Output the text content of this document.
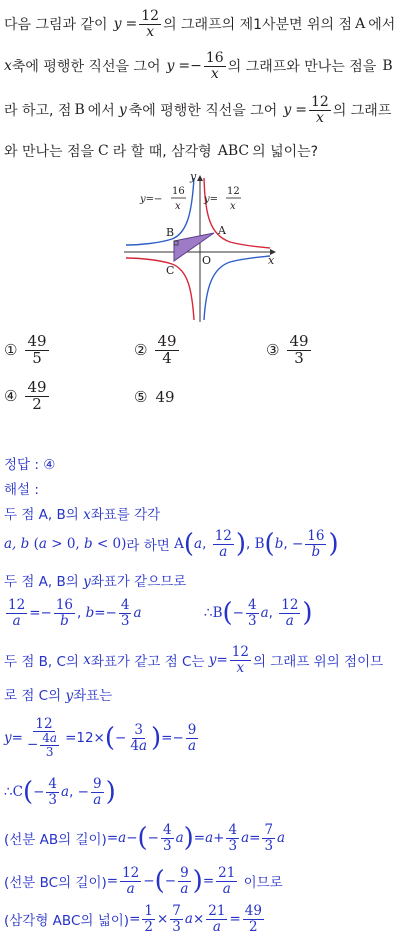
다음 그림과 같이 $y = \frac{12}{x}$ 의 그래프의 제1사분면 위의 점 A 에서
x 축에 평행한 직선을 그어 $y =- \frac{16}{x}$ 의 그래프와 만나는 점을 B
라 하고, 점 B 에서 y 축에 평행한 직선을 그어 $y = \frac{12}{x}$ 의 그래프
와 만나는 점을 C 라 할 때, 삼각형 ABC 의 넓이는?
y
x
O
A
B
C
y=−
16
x
y=
12
x
① $\frac{49}{5}$	② $\frac{49}{4}$	③ $\frac{49}{3}$
④ $\frac{49}{2}$	⑤ 49
정답 : ④
해설 :
두 점 A, B의 x좌표를 각각
a, b
(a > 0, b < 0) 라 하면 A ( a , $\frac{12}{a}$ ) , B ( b , − $\frac{16}{b}$ )
두 점 A, B의 y좌표가 같으므로
$\frac{12}{a} =- \frac{16}{b}$ , $b =- \frac{4}{3}$ a	∴ B ( − $\frac{4}{3}$ a , $\frac{12}{a}$ )
두 점 B, C의
x 좌표가 같고 점 C는
$y = \frac{12}{x}$ 의 그래프 위의 점이므
로 점 C의 y좌표는
$y = \frac{12}{- \frac{4a}{3}} =12\times$ ( − $\frac{3}{4a}$ ) =− $\frac{9}{a}$
∴ C ( − $\frac{4}{3}$ a , − $\frac{9}{a}$ )
(선분 AB의 길이) = a − ( − $\frac{4}{3}$ a ) = $a + \frac{4}{3}$ $a = \frac{7}{3}$ a
(선분 BC의 길이) = $\frac{12}{a}$ − ( − $\frac{9}{a}$ ) = $\frac{21}{a}$
이므로
(삼각형 ABC의 넓이) = $\frac{1}{2} \times \frac{7}{3}$ $a \times \frac{21}{a} = \frac{49}{2}$
